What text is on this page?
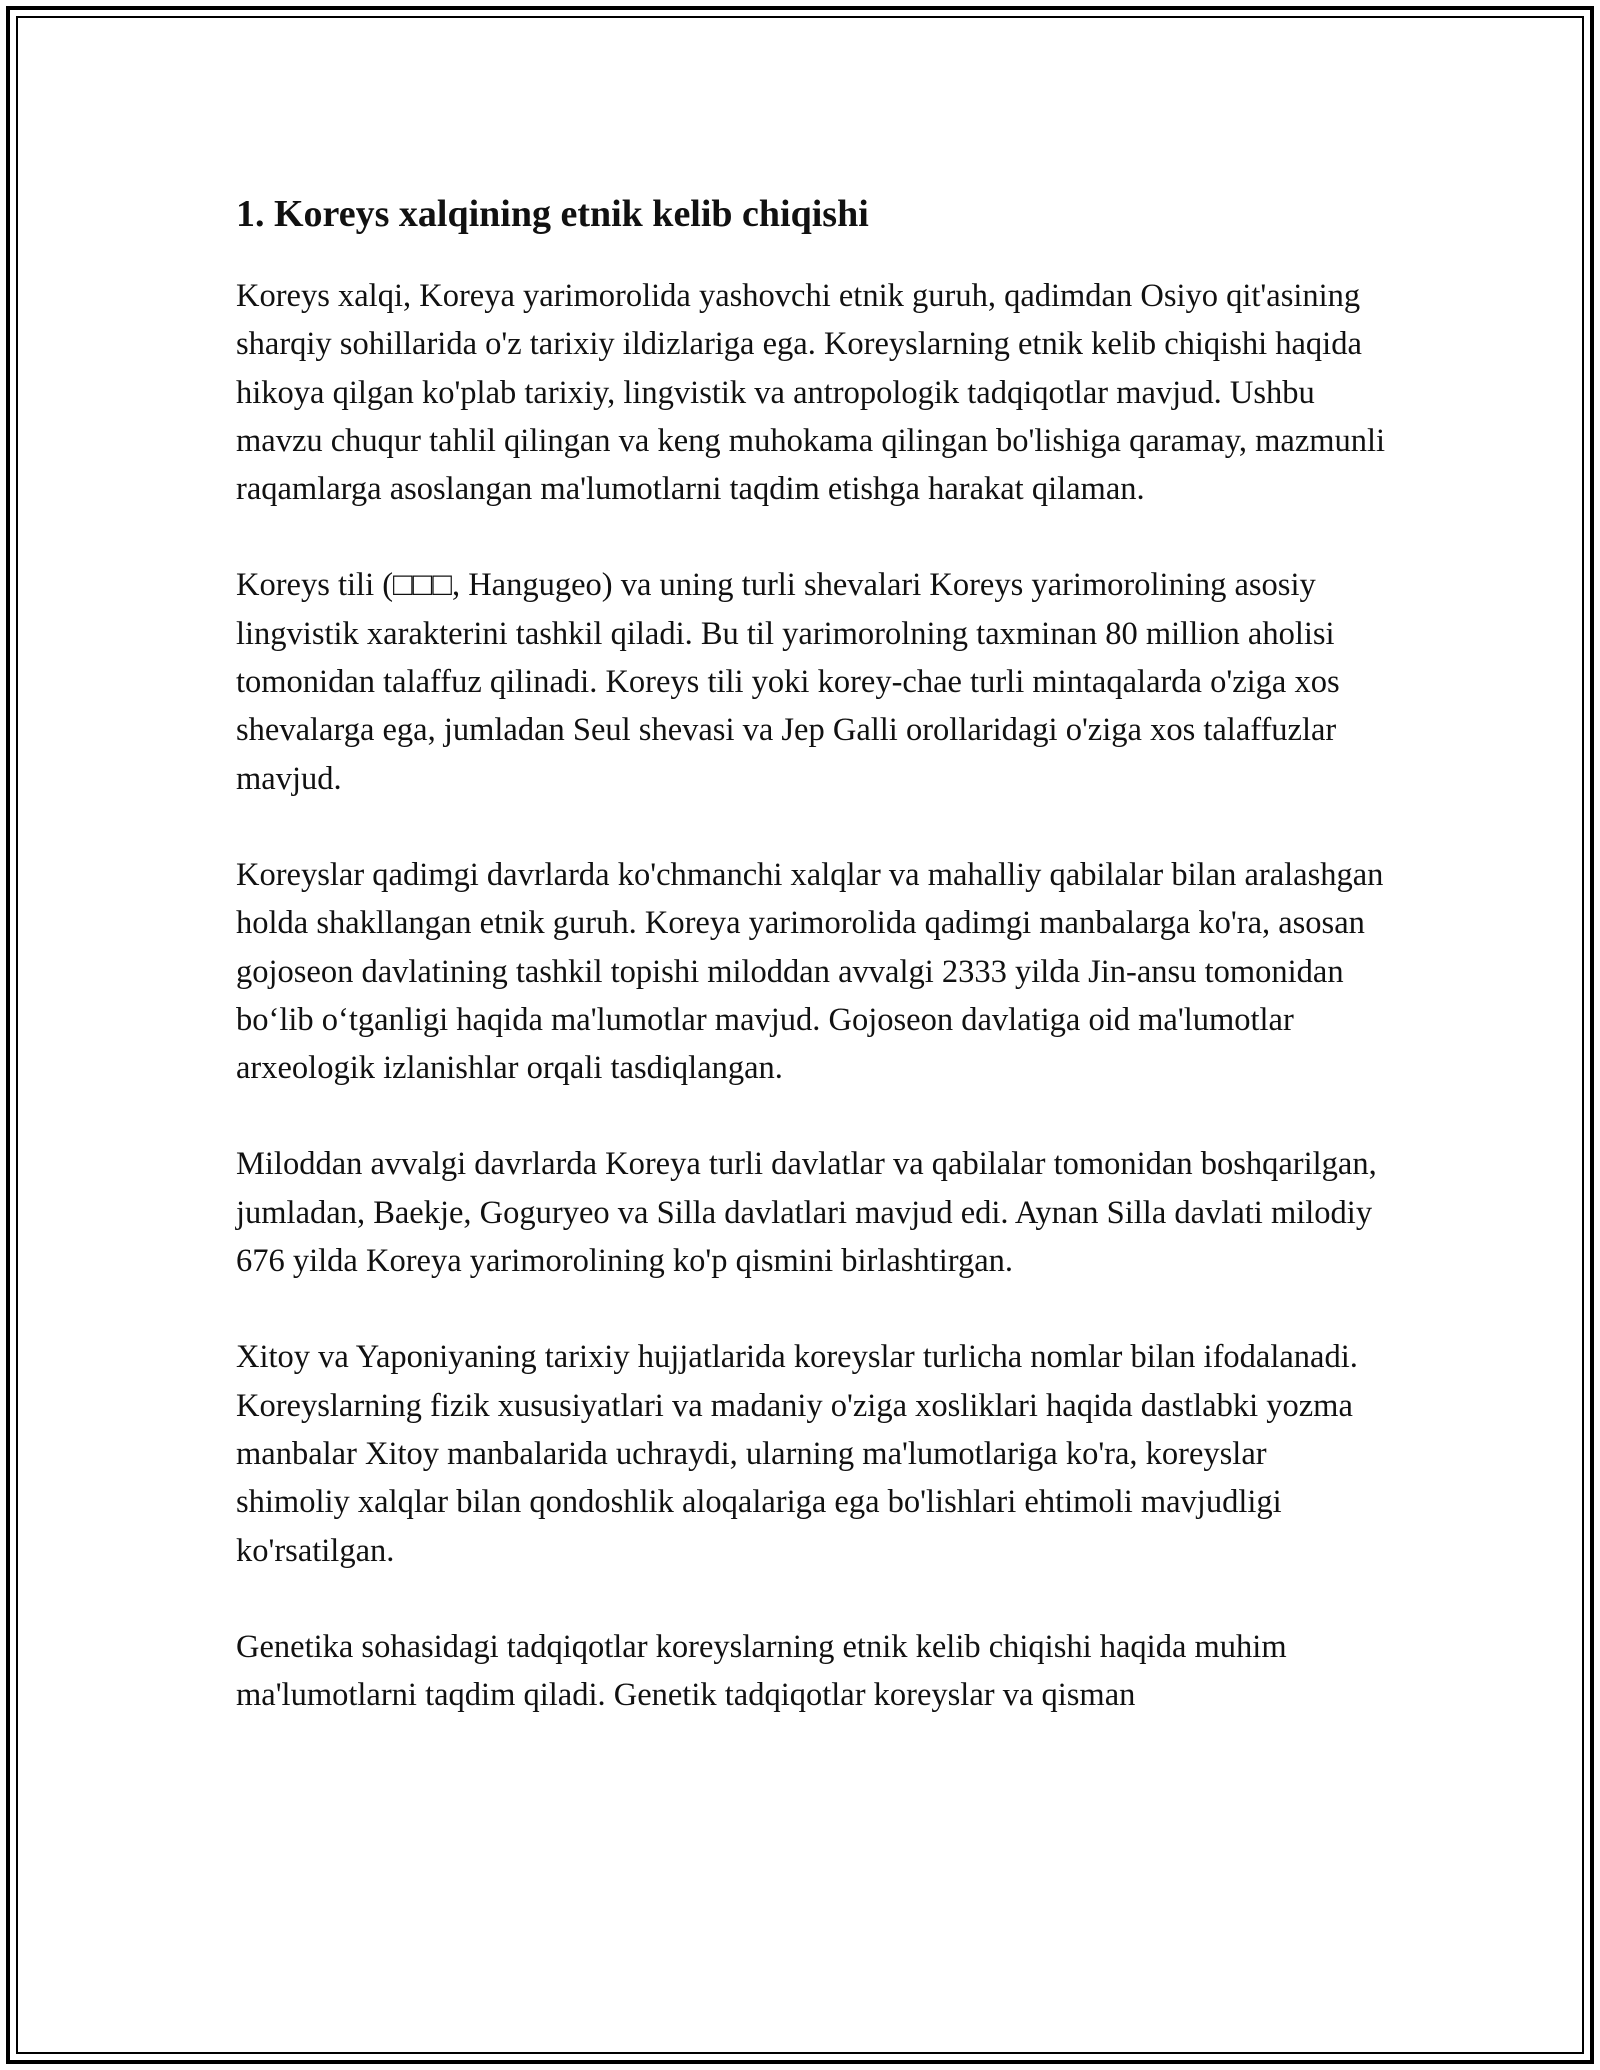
1. Koreys xalqining etnik kelib chiqishi

Koreys xalqi, Koreya yarimorolida yashovchi etnik guruh, qadimdan Osiyo qit'asining sharqiy sohillarida o'z tarixiy ildizlariga ega. Koreyslarning etnik kelib chiqishi haqida hikoya qilgan ko'plab tarixiy, lingvistik va antropologik tadqiqotlar mavjud. Ushbu mavzu chuqur tahlil qilingan va keng muhokama qilingan bo'lishiga qaramay, mazmunli raqamlarga asoslangan ma'lumotlarni taqdim etishga harakat qilaman.

Koreys tili (□□□, Hangugeo) va uning turli shevalari Koreys yarimorolining asosiy lingvistik xarakterini tashkil qiladi. Bu til yarimorolning taxminan 80 million aholisi tomonidan talaffuz qilinadi. Koreys tili yoki korey-chae turli mintaqalarda o'ziga xos shevalarga ega, jumladan Seul shevasi va Jep Galli orollaridagi o'ziga xos talaffuzlar mavjud.

Koreyslar qadimgi davrlarda ko'chmanchi xalqlar va mahalliy qabilalar bilan aralashgan holda shakllangan etnik guruh. Koreya yarimorolida qadimgi manbalarga ko'ra, asosan gojoseon davlatining tashkil topishi miloddan avvalgi 2333 yilda Jin-ansu tomonidan bo‘lib o‘tganligi haqida ma'lumotlar mavjud. Gojoseon davlatiga oid ma'lumotlar arxeologik izlanishlar orqali tasdiqlangan.

Miloddan avvalgi davrlarda Koreya turli davlatlar va qabilalar tomonidan boshqarilgan, jumladan, Baekje, Goguryeo va Silla davlatlari mavjud edi. Aynan Silla davlati milodiy 676 yilda Koreya yarimorolining ko'p qismini birlashtirgan.

Xitoy va Yaponiyaning tarixiy hujjatlarida koreyslar turlicha nomlar bilan ifodalanadi. Koreyslarning fizik xususiyatlari va madaniy o'ziga xosliklari haqida dastlabki yozma manbalar Xitoy manbalarida uchraydi, ularning ma'lumotlariga ko'ra, koreyslar shimoliy xalqlar bilan qondoshlik aloqalariga ega bo'lishlari ehtimoli mavjudligi ko'rsatilgan.

Genetika sohasidagi tadqiqotlar koreyslarning etnik kelib chiqishi haqida muhim ma'lumotlarni taqdim qiladi. Genetik tadqiqotlar koreyslar va qisman
